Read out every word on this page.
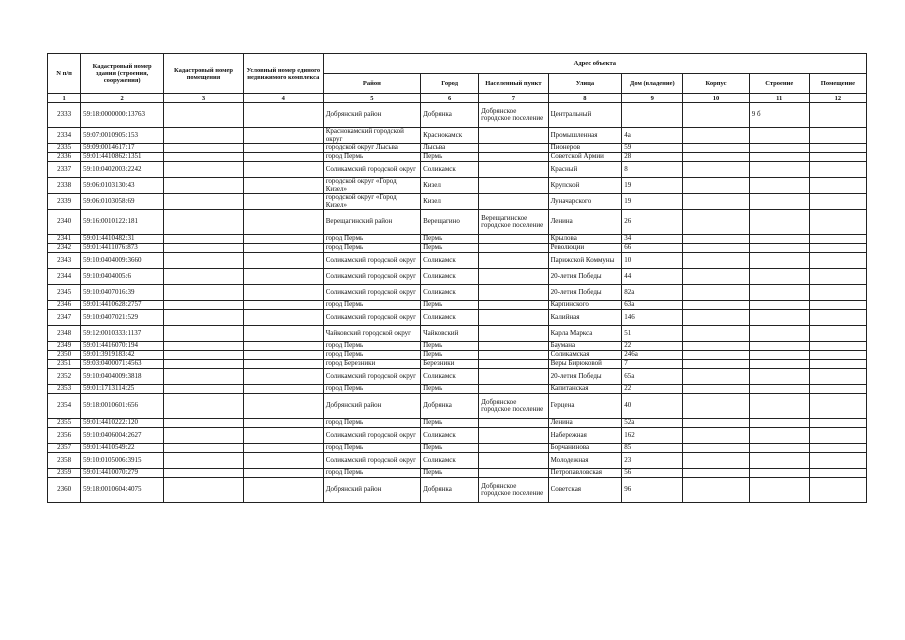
N п/п	Кадастровый номер здания (строения, сооружения)	Кадастровый номер помещения	Условный номер единого недвижимого комплекса	Адрес объекта							
				Район	Город	Населенный пункт	Улица	Дом (владение)	Корпус	Строение	Помещение
1	2	3	4	5	6	7	8	9	10	11	12
2333	59:18:0000000:13763			Добрянский район	Добрянка	Добрянское городское поселение	Центральный			9 б	
2334	59:07:0010905:153			Краснокамский городской округ	Краснокамск		Промышленная	4а			
2335	59:09:0014617:17			городской округ Лысьва	Лысьва		Пионеров	59			
2336	59:01:4410862:1351			город Пермь	Пермь		Советской Армии	28			
2337	59:10:0402003:2242			Соликамский городской округ	Соликамск		Красный	8			
2338	59:06:0103130:43			городской округ «Город Кизел»	Кизел		Крупской	19			
2339	59:06:0103058:69			городской округ «Город Кизел»	Кизел		Луначарского	19			
2340	59:16:0010122:181			Верещагинский район	Верещагино	Верещагинское городское поселение	Ленина	26			
2341	59:01:4410482:31			город Пермь	Пермь		Крылова	34			
2342	59:01:4411076:873			город Пермь	Пермь		Революции	66			
2343	59:10:0404009:3660			Соликамский городской округ	Соликамск		Парижской Коммуны	10			
2344	59:10:0404005:6			Соликамский городской округ	Соликамск		20-летия Победы	44			
2345	59:10:0407016:39			Соликамский городской округ	Соликамск		20-летия Победы	82а			
2346	59:01:4410628:2757			город Пермь	Пермь		Карпинского	63а			
2347	59:10:0407021:529			Соликамский городской округ	Соликамск		Калийная	146			
2348	59:12:0010333:1137			Чайковский городской округ	Чайковский		Карла Маркса	51			
2349	59:01:4416070:194			город Пермь	Пермь		Баумана	22			
2350	59:01:3919183:42			город Пермь	Пермь		Соликамская	246а			
2351	59:03:0400071:4563			город Березники	Березники		Веры Бирюковой	7			
2352	59:10:0404009:3818			Соликамский городской округ	Соликамск		20-летия Победы	65а			
2353	59:01:1713114:25			город Пермь	Пермь		Капитанская	22			
2354	59:18:0010601:656			Добрянский район	Добрянка	Добрянское городское поселение	Герцена	40			
2355	59:01:4410222:120			город Пермь	Пермь		Ленина	52а			
2356	59:10:0406004:2627			Соликамский городской округ	Соликамск		Набережная	162			
2357	59:01:4410549:22			город Пермь	Пермь		Борчанинова	85			
2358	59:10:0105006:3915			Соликамский городской округ	Соликамск		Молодежная	23			
2359	59:01:4410070:279			город Пермь	Пермь		Петропавловская	56			
2360	59:18:0010604:4075			Добрянский район	Добрянка	Добрянское городское поселение	Советская	96			
